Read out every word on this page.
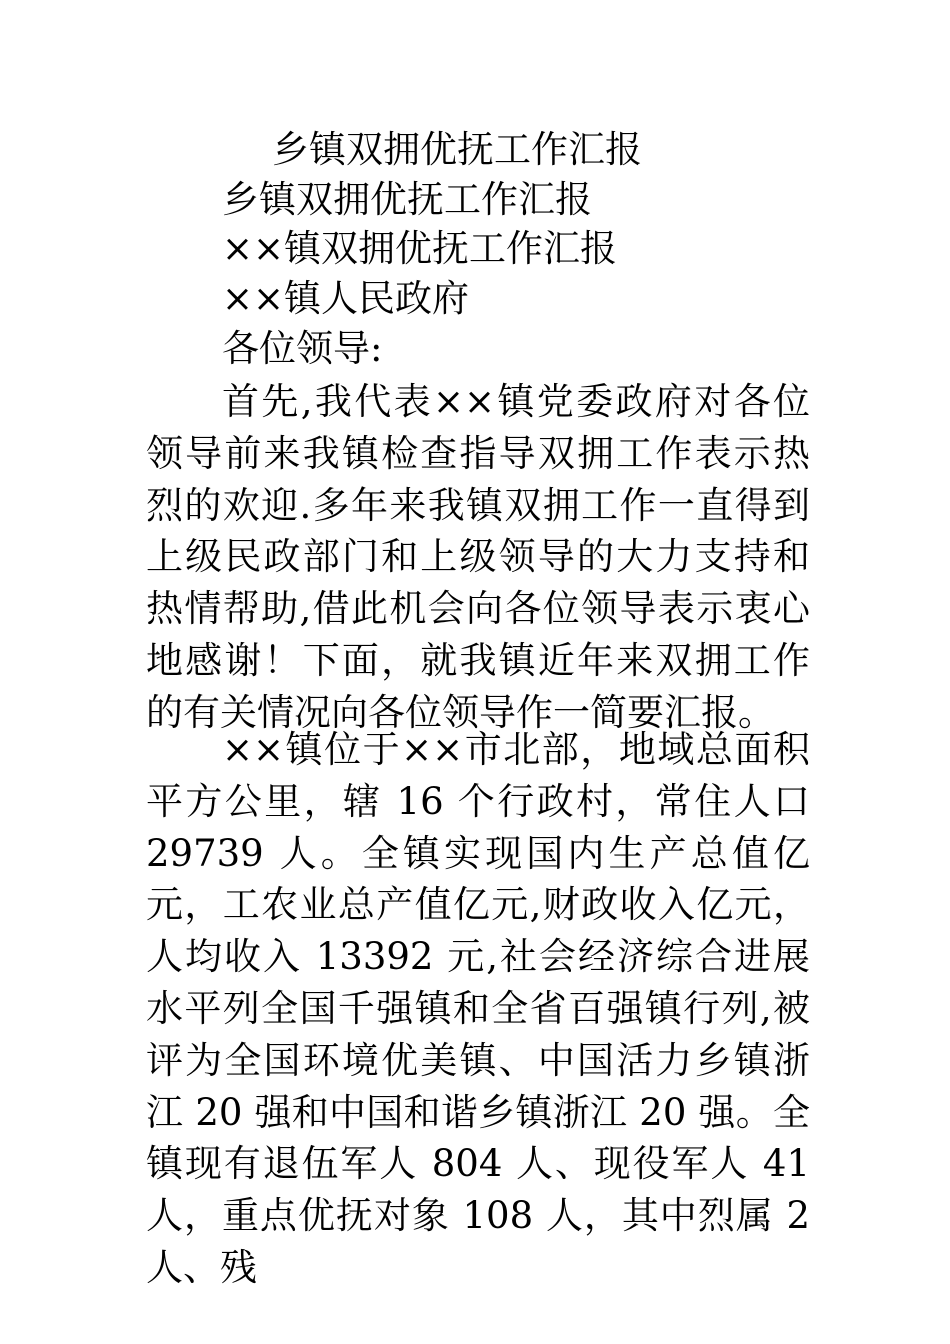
乡镇双拥优抚工作汇报
乡镇双拥优抚工作汇报
××镇双拥优抚工作汇报
××镇人民政府
各位领导:

首先,我代表××镇党委政府对各位领导前来我镇检查指导双拥工作表示热烈的欢迎.多年来我镇双拥工作一直得到上级民政部门和上级领导的大力支持和热情帮助,借此机会向各位领导表示衷心地感谢！下面，就我镇近年来双拥工作的有关情况向各位领导作一简要汇报。

××镇位于××市北部，地域总面积平方公里，辖 16 个行政村，常住人口 29739 人。全镇实现国内生产总值亿元，工农业总产值亿元,财政收入亿元，人均收入 13392 元,社会经济综合进展水平列全国千强镇和全省百强镇行列,被评为全国环境优美镇、中国活力乡镇浙江 20 强和中国和谐乡镇浙江 20 强。全镇现有退伍军人 804 人、现役军人 41 人，重点优抚对象 108 人，其中烈属 2 人、残
